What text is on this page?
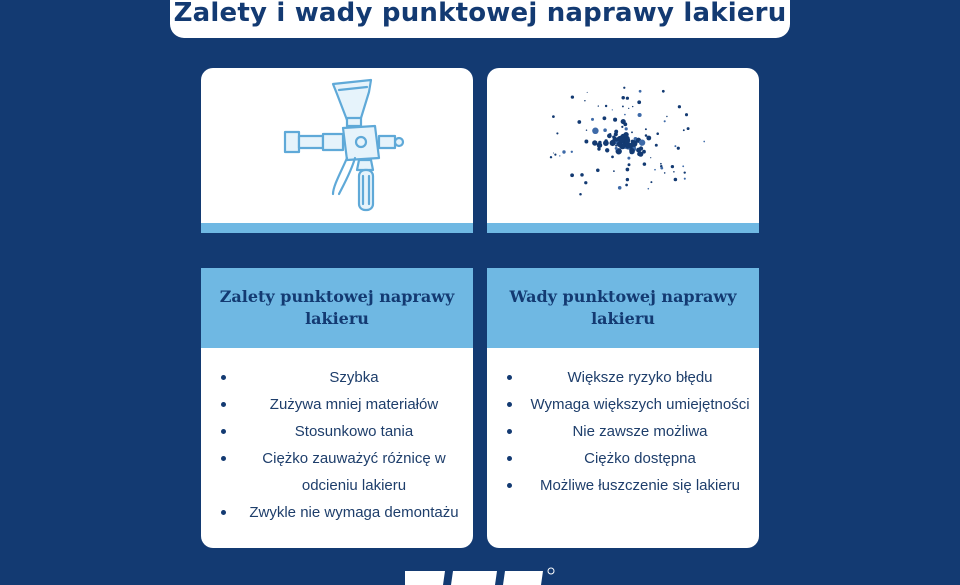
Zalety i wady punktowej naprawy lakieru
Zalety punktowej naprawy lakieru
Szybka
Zużywa mniej materiałów
Stosunkowo tania
Ciężko zauważyć różnicę w odcieniu lakieru
Zwykle nie wymaga demontażu
Wady punktowej naprawy lakieru
Większe ryzyko błędu
Wymaga większych umiejętności
Nie zawsze możliwa
Ciężko dostępna
Możliwe łuszczenie się lakieru
